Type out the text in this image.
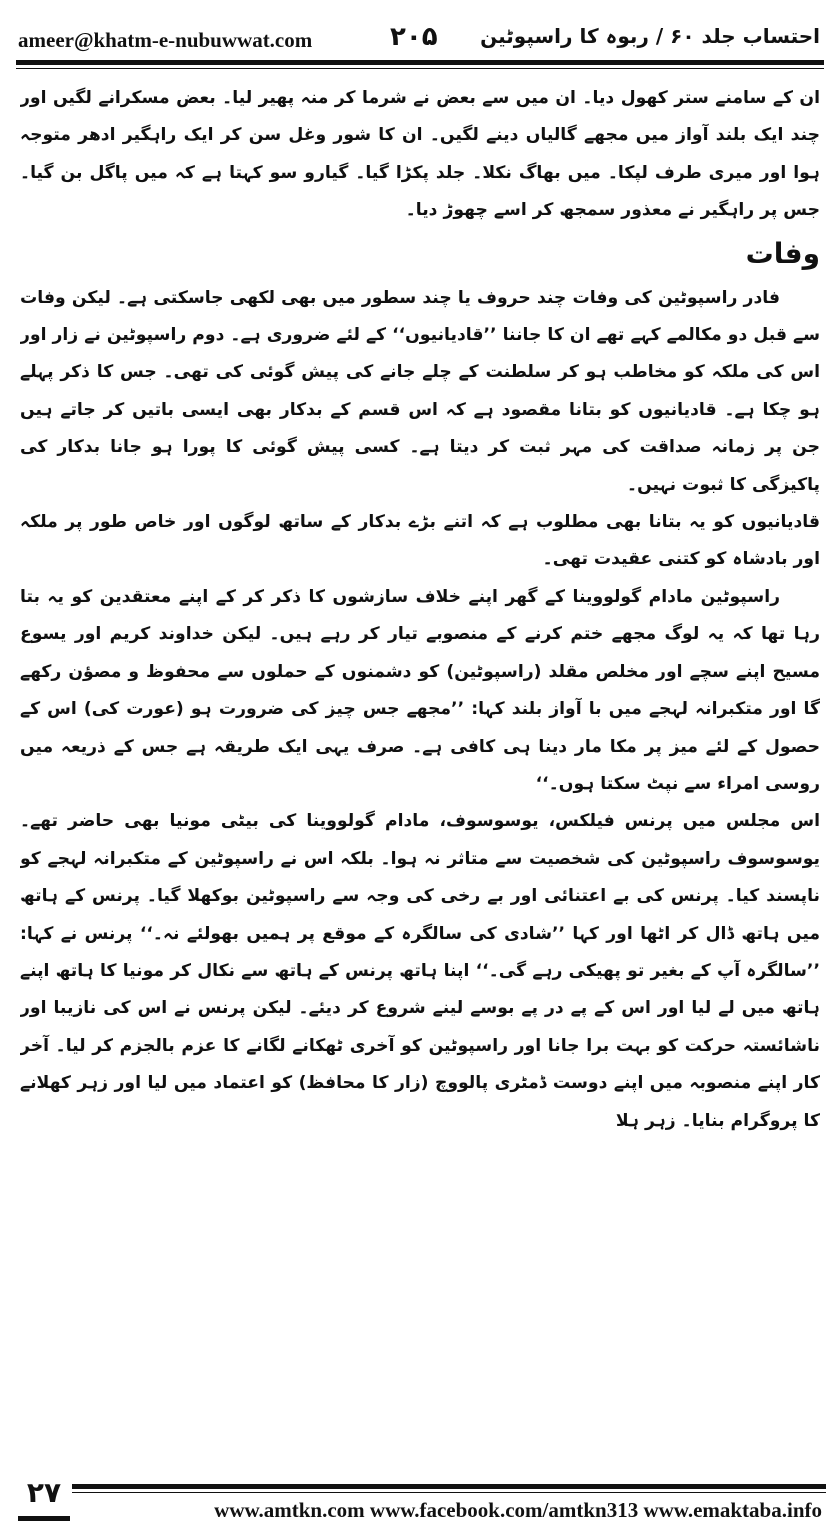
ameer@khatm-e-nubuwwat.com	۲۰۵ احتساب جلد ۶۰ / ربوہ کا راسپوٹین

ان کے سامنے ستر کھول دیا۔ ان میں سے بعض نے شرما کر منہ پھیر لیا۔ بعض مسکرانے لگیں اور چند ایک بلند آواز میں مجھے گالیاں دینے لگیں۔ ان کا شور وغل سن کر ایک راہگیر ادھر متوجہ ہوا اور میری طرف لپکا۔ میں بھاگ نکلا۔ جلد پکڑا گیا۔ گیارو سو کہتا ہے کہ میں پاگل بن گیا۔ جس پر راہگیر نے معذور سمجھ کر اسے چھوڑ دیا۔

وفات

فادر راسپوٹین کی وفات چند حروف یا چند سطور میں بھی لکھی جاسکتی ہے۔ لیکن وفات سے قبل دو مکالمے کہے تھے ان کا جاننا ’’قادیانیوں‘‘ کے لئے ضروری ہے۔ دوم راسپوٹین نے زار اور اس کی ملکہ کو مخاطب ہو کر سلطنت کے چلے جانے کی پیش گوئی کی تھی۔ جس کا ذکر پہلے ہو چکا ہے۔ قادیانیوں کو بتانا مقصود ہے کہ اس قسم کے بدکار بھی ایسی باتیں کر جاتے ہیں جن پر زمانہ صداقت کی مہر ثبت کر دیتا ہے۔ کسی پیش گوئی کا پورا ہو جانا بدکار کی پاکیزگی کا ثبوت نہیں۔

قادیانیوں کو یہ بتانا بھی مطلوب ہے کہ اتنے بڑے بدکار کے ساتھ لوگوں اور خاص طور پر ملکہ اور بادشاہ کو کتنی عقیدت تھی۔

راسپوٹین مادام گولووینا کے گھر اپنے خلاف سازشوں کا ذکر کر کے اپنے معتقدین کو یہ بتا رہا تھا کہ یہ لوگ مجھے ختم کرنے کے منصوبے تیار کر رہے ہیں۔ لیکن خداوند کریم اور یسوع مسیح اپنے سچے اور مخلص مقلد (راسپوٹین) کو دشمنوں کے حملوں سے محفوظ و مصؤن رکھے گا اور متکبرانہ لہجے میں با آواز بلند کہا: ’’مجھے جس چیز کی ضرورت ہو (عورت کی) اس کے حصول کے لئے میز پر مکا مار دینا ہی کافی ہے۔ صرف یہی ایک طریقہ ہے جس کے ذریعہ میں روسی امراء سے نپٹ سکتا ہوں۔‘‘

اس مجلس میں پرنس فیلکس، یوسوسوف، مادام گولووینا کی بیٹی مونیا بھی حاضر تھے۔ یوسوسوف راسپوٹین کی شخصیت سے متاثر نہ ہوا۔ بلکہ اس نے راسپوٹین کے متکبرانہ لہجے کو ناپسند کیا۔ پرنس کی بے اعتنائی اور بے رخی کی وجہ سے راسپوٹین بوکھلا گیا۔ پرنس کے ہاتھ میں ہاتھ ڈال کر اٹھا اور کہا ’’شادی کی سالگرہ کے موقع پر ہمیں بھولئے نہ۔‘‘ پرنس نے کہا: ’’سالگرہ آپ کے بغیر تو پھیکی رہے گی۔‘‘ اپنا ہاتھ پرنس کے ہاتھ سے نکال کر مونیا کا ہاتھ اپنے ہاتھ میں لے لیا اور اس کے پے در پے بوسے لینے شروع کر دیئے۔ لیکن پرنس نے اس کی نازیبا اور ناشائستہ حرکت کو بہت برا جانا اور راسپوٹین کو آخری ٹھکانے لگانے کا عزم بالجزم کر لیا۔ آخر کار اپنے منصوبہ میں اپنے دوست ڈمٹری پالووچ (زار کا محافظ) کو اعتماد میں لیا اور زہر کھلانے کا پروگرام بنایا۔ زہر ہلا

۲۷
www.amtkn.com www.facebook.com/amtkn313 www.emaktaba.info
